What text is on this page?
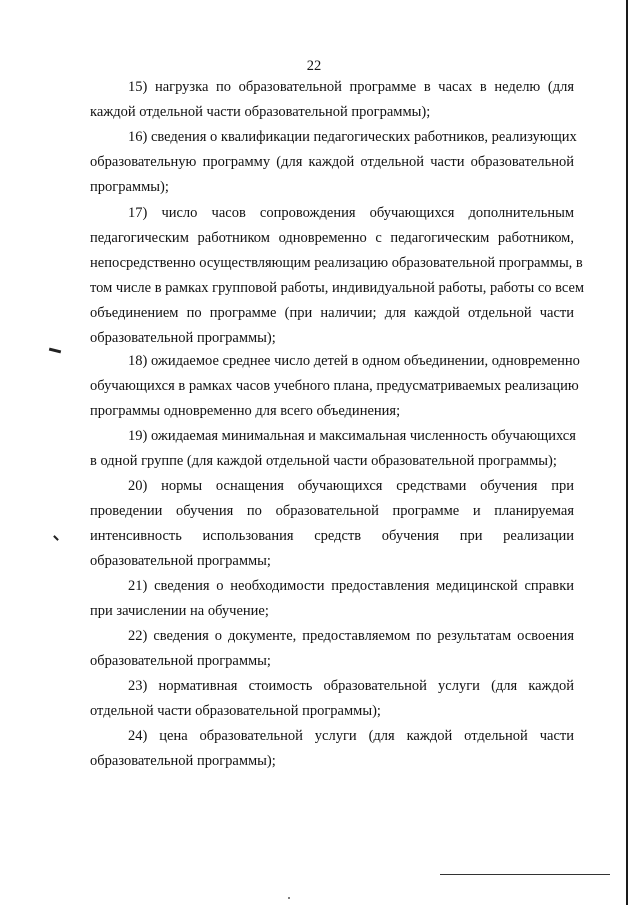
22
15) нагрузка по образовательной программе в часах в неделю (для
каждой отдельной части образовательной программы);
16) сведения о квалификации педагогических работников, реализующих
образовательную программу (для каждой отдельной части образовательной
программы);
17) число часов сопровождения обучающихся дополнительным
педагогическим работником одновременно с педагогическим работником,
непосредственно осуществляющим реализацию образовательной программы, в
том числе в рамках групповой работы, индивидуальной работы, работы со всем
объединением по программе (при наличии; для каждой отдельной части
образовательной программы);
18) ожидаемое среднее число детей в одном объединении, одновременно
обучающихся в рамках часов учебного плана, предусматриваемых реализацию
программы одновременно для всего объединения;
19) ожидаемая минимальная и максимальная численность обучающихся
в одной группе (для каждой отдельной части образовательной программы);
20) нормы оснащения обучающихся средствами обучения при
проведении обучения по образовательной программе и планируемая
интенсивность использования средств обучения при реализации
образовательной программы;
21) сведения о необходимости предоставления медицинской справки
при зачислении на обучение;
22) сведения о документе, предоставляемом по результатам освоения
образовательной программы;
23) нормативная стоимость образовательной услуги (для каждой
отдельной части образовательной программы);
24) цена образовательной услуги (для каждой отдельной части
образовательной программы);
